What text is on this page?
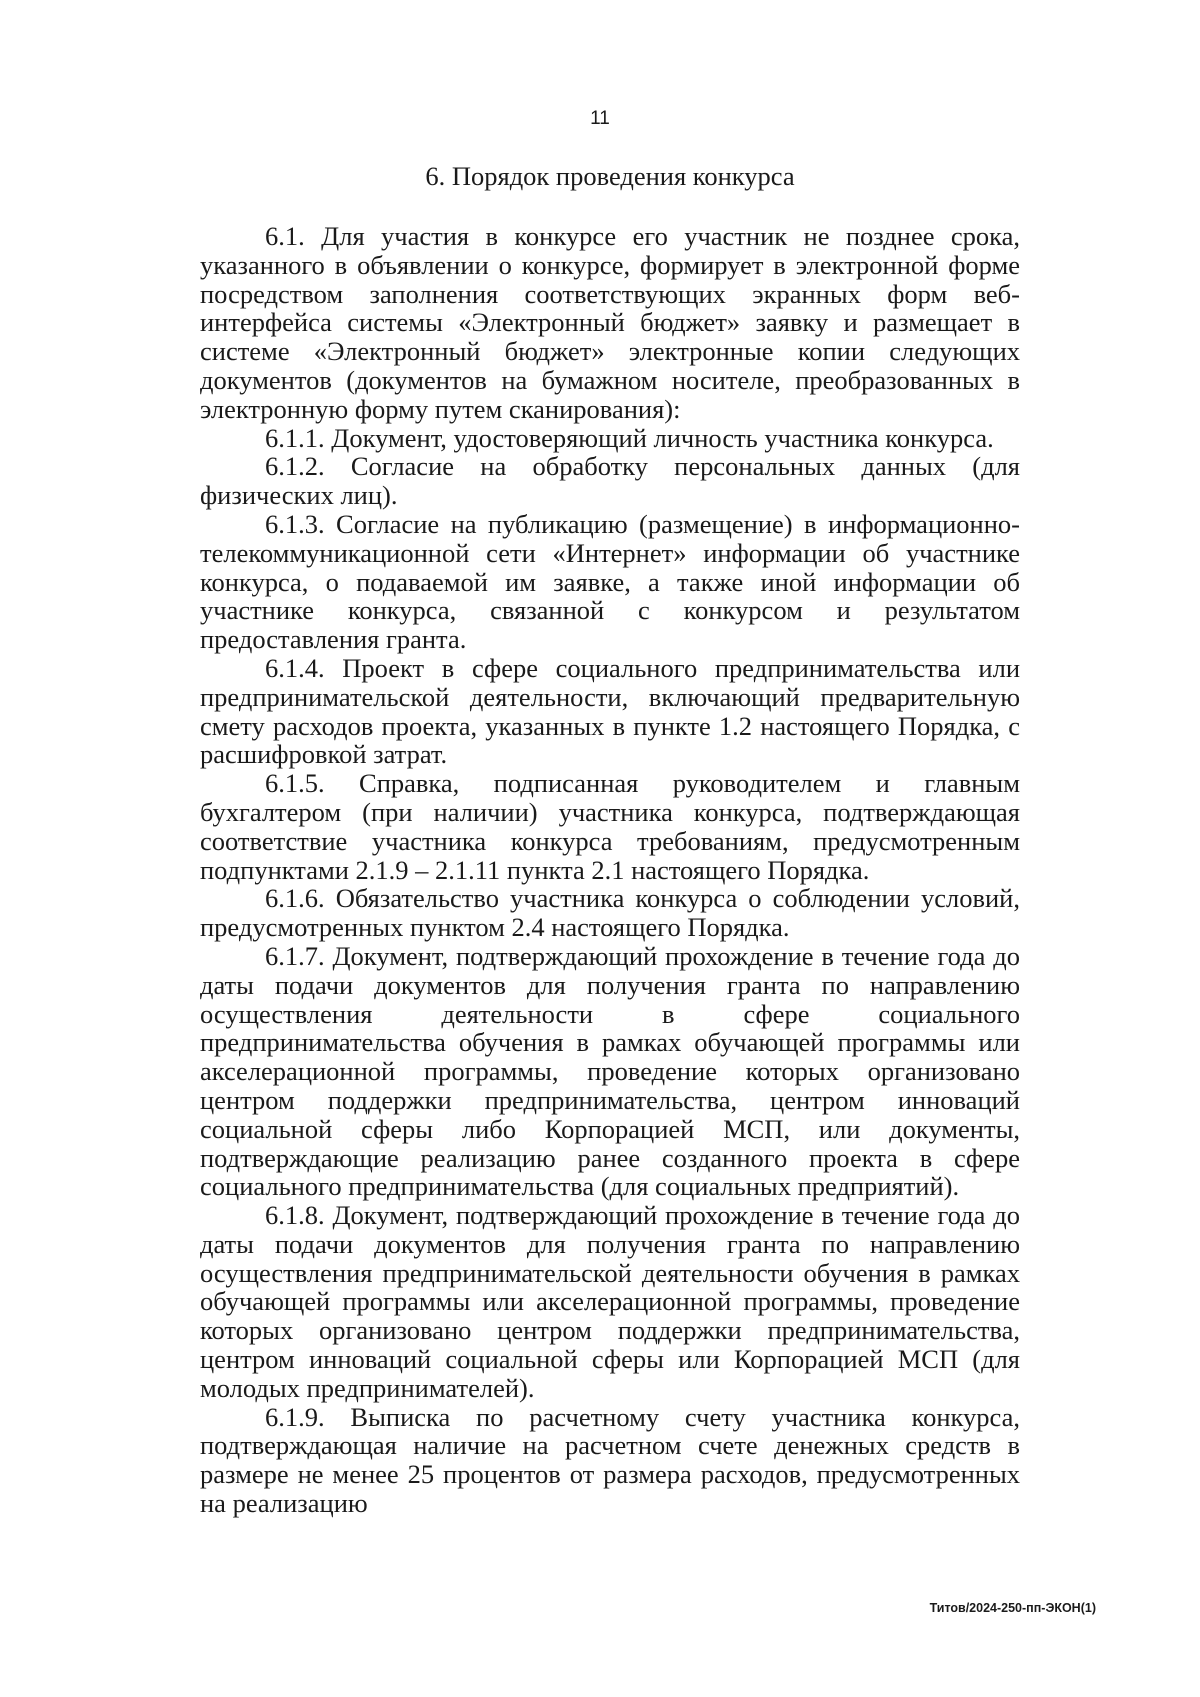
11
6. Порядок проведения конкурса

6.1. Для участия в конкурсе его участник не позднее срока, указанного в объявлении о конкурсе, формирует в электронной форме посредством заполнения соответствующих экранных форм веб-интерфейса системы «Электронный бюджет» заявку и размещает в системе «Электронный бюджет» электронные копии следующих документов (документов на бумажном носителе, преобразованных в электронную форму путем сканирования):

6.1.1. Документ, удостоверяющий личность участника конкурса.

6.1.2. Согласие на обработку персональных данных (для физических лиц).

6.1.3. Согласие на публикацию (размещение) в информационно-телекоммуникационной сети «Интернет» информации об участнике конкурса, о подаваемой им заявке, а также иной информации об участнике конкурса, связанной с конкурсом и результатом предоставления гранта.

6.1.4. Проект в сфере социального предпринимательства или предпринимательской деятельности, включающий предварительную смету расходов проекта, указанных в пункте 1.2 настоящего Порядка, с расшифровкой затрат.

6.1.5. Справка, подписанная руководителем и главным бухгалтером (при наличии) участника конкурса, подтверждающая соответствие участника конкурса требованиям, предусмотренным подпунктами 2.1.9 – 2.1.11 пункта 2.1 настоящего Порядка.

6.1.6. Обязательство участника конкурса о соблюдении условий, предусмотренных пунктом 2.4 настоящего Порядка.

6.1.7. Документ, подтверждающий прохождение в течение года до даты подачи документов для получения гранта по направлению осуществления деятельности в сфере социального предпринимательства обучения в рамках обучающей программы или акселерационной программы, проведение которых организовано центром поддержки предпринимательства, центром инноваций социальной сферы либо Корпорацией МСП, или документы, подтверждающие реализацию ранее созданного проекта в сфере социального предпринимательства (для социальных предприятий).

6.1.8. Документ, подтверждающий прохождение в течение года до даты подачи документов для получения гранта по направлению осуществления предпринимательской деятельности обучения в рамках обучающей программы или акселерационной программы, проведение которых организовано центром поддержки предпринимательства, центром инноваций социальной сферы или Корпорацией МСП (для молодых предпринимателей).

6.1.9. Выписка по расчетному счету участника конкурса, подтверждающая наличие на расчетном счете денежных средств в размере не менее 25 процентов от размера расходов, предусмотренных на реализацию

Титов/2024-250-пп-ЭКОН(1)
